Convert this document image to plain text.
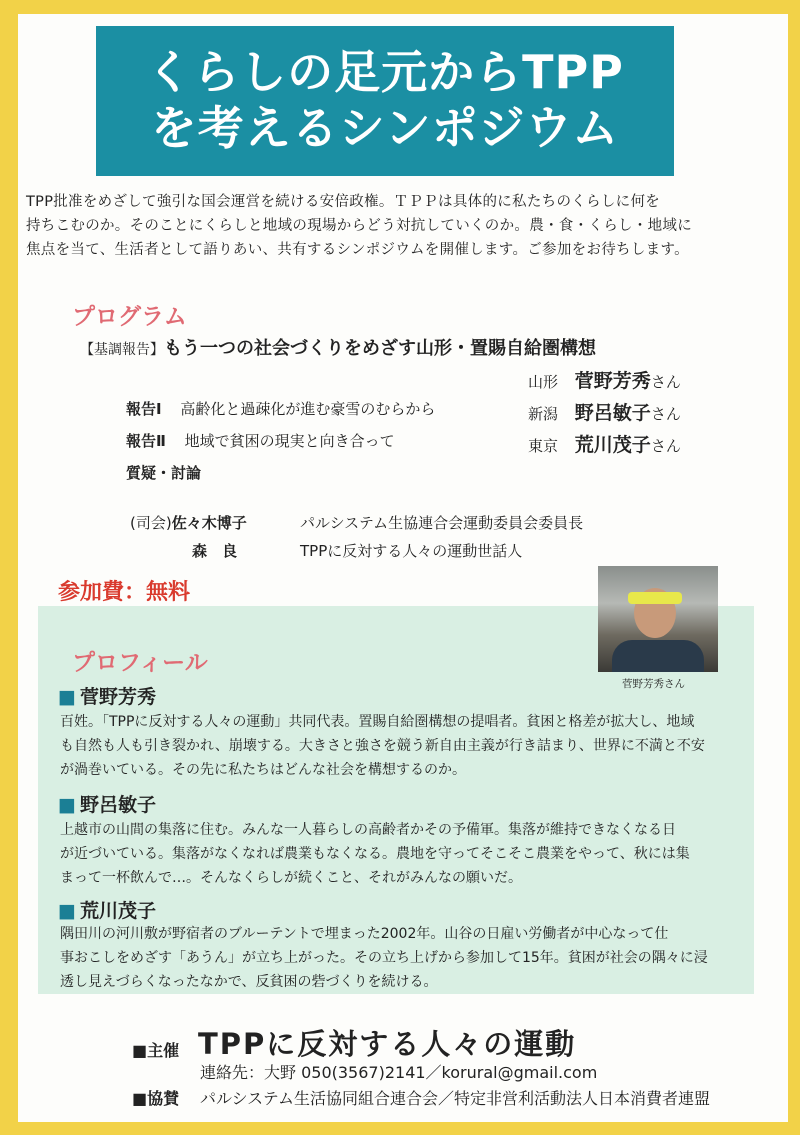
くらしの足元からTPP
を考えるシンポジウム
TPP批准をめざして強引な国会運営を続ける安倍政権。ＴＰＰは具体的に私たちのくらしに何を
持ちこむのか。そのことにくらしと地域の現場からどう対抗していくのか。農・食・くらし・地域に
焦点を当て、生活者として語りあい、共有するシンポジウムを開催します。ご参加をお待ちします。
プログラム
【基調報告】もう一つの社会づくりをめざす山形・置賜自給圏構想
山形 菅野芳秀さん
報告Ⅰ 高齢化と過疎化が進む豪雪のむらから	新潟 野呂敏子さん
報告Ⅱ 地域で貧困の現実と向き合って	東京 荒川茂子さん
質疑・討論
(司会)佐々木博子	パルシステム生協連合会運動委員会委員長
森　良	TPPに反対する人々の運動世話人
参加費：無料
菅野芳秀さん
プロフィール
■ 菅野芳秀
百姓。「TPPに反対する人々の運動」共同代表。置賜自給圏構想の提唱者。貧困と格差が拡大し、地域
も自然も人も引き裂かれ、崩壊する。大きさと強さを競う新自由主義が行き詰まり、世界に不満と不安
が渦巻いている。その先に私たちはどんな社会を構想するのか。
■ 野呂敏子
上越市の山間の集落に住む。みんな一人暮らしの高齢者かその予備軍。集落が維持できなくなる日
が近づいている。集落がなくなれば農業もなくなる。農地を守ってそこそこ農業をやって、秋には集
まって一杯飲んで…。そんなくらしが続くこと、それがみんなの願いだ。
■ 荒川茂子
隅田川の河川敷が野宿者のブルーテントで埋まった2002年。山谷の日雇い労働者が中心なって仕
事おこしをめざす「あうん」が立ち上がった。その立ち上げから参加して15年。貧困が社会の隅々に浸
透し見えづらくなったなかで、反貧困の砦づくりを続ける。
■主催 TPPに反対する人々の運動
連絡先：大野 050(3567)2141／korural@gmail.com
■協賛 パルシステム生活協同組合連合会／特定非営利活動法人日本消費者連盟
